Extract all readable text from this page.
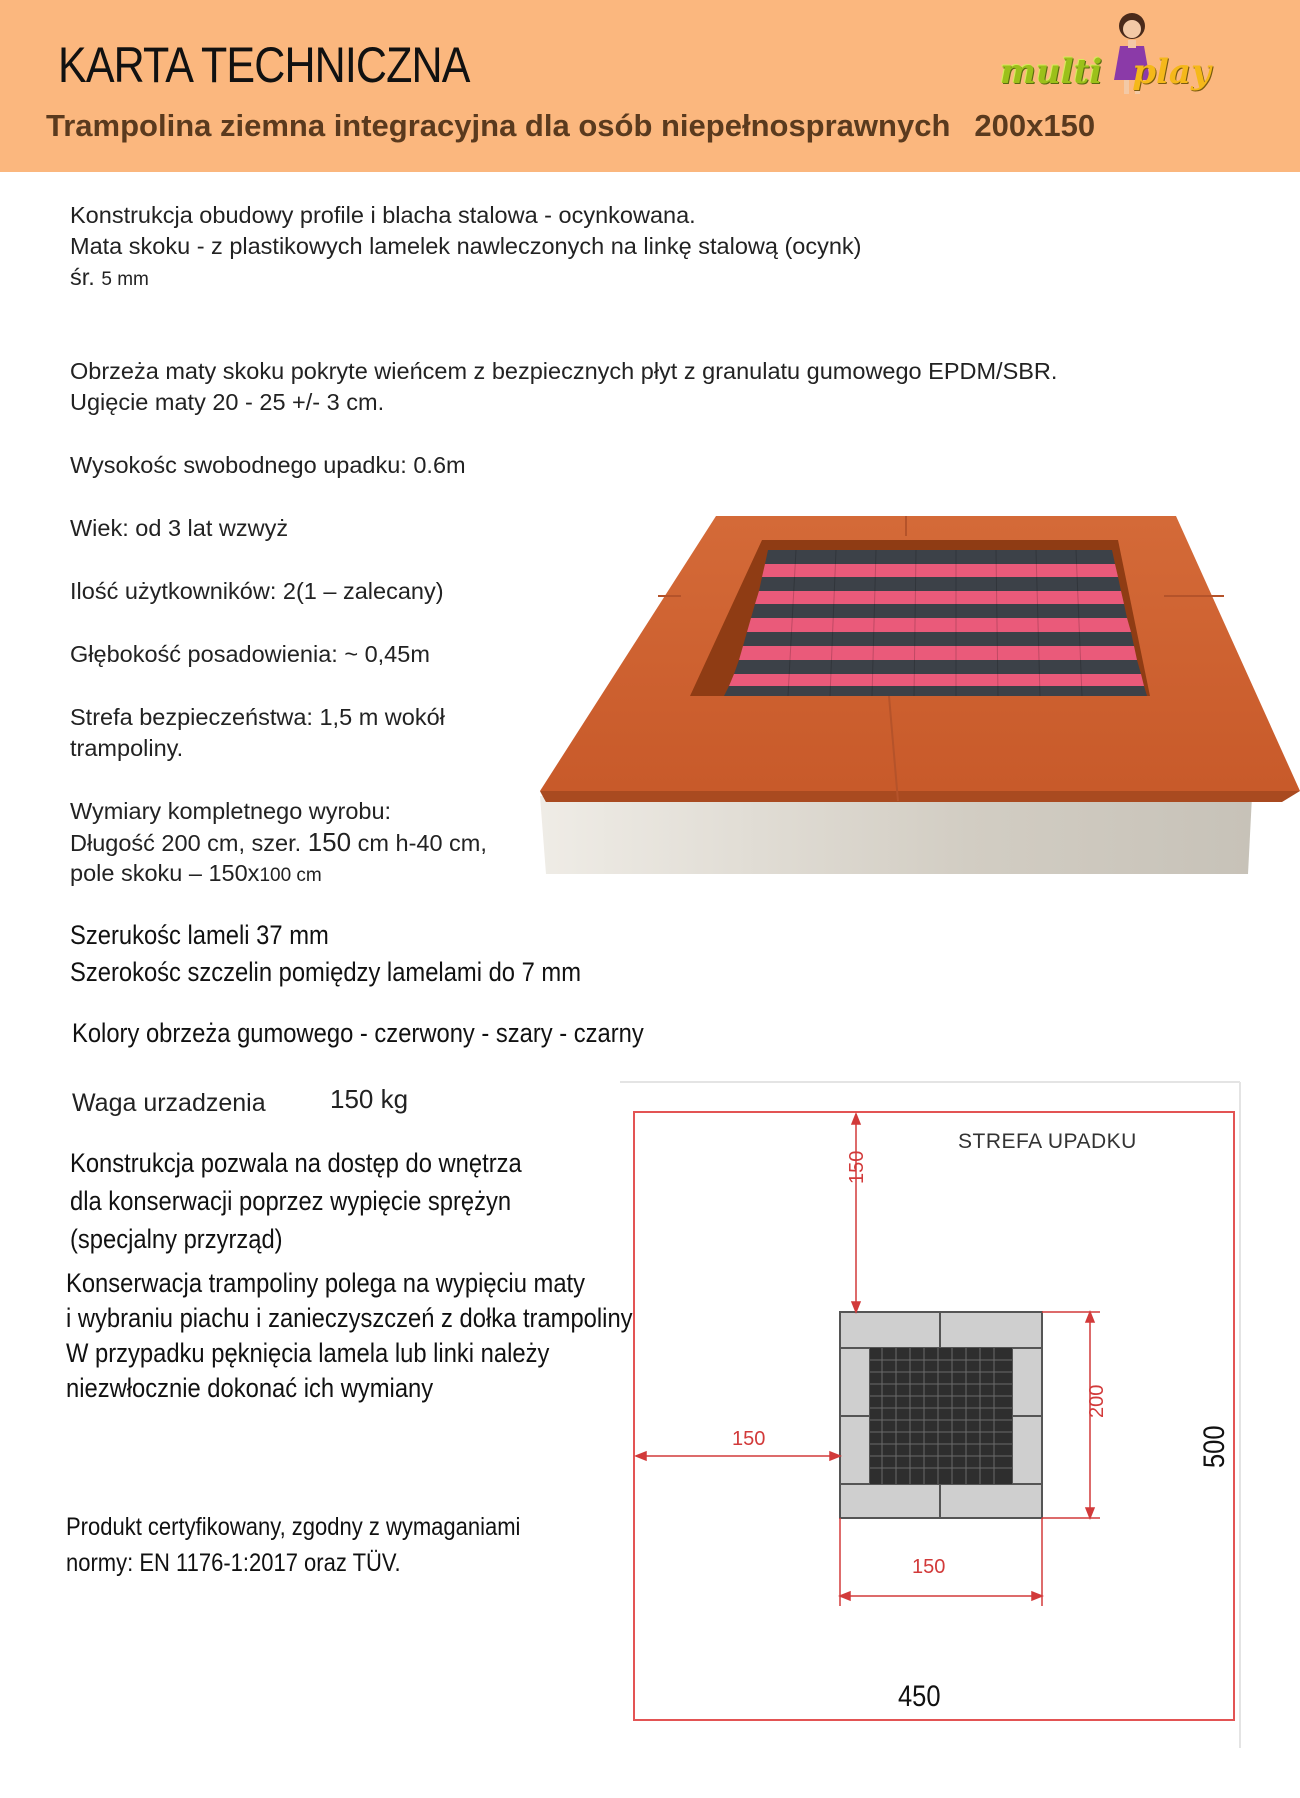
KARTA TECHNICZNA
Trampolina ziemna integracyjna dla osób niepełnosprawnych 200x150
multi play
Konstrukcja obudowy profile i blacha stalowa - ocynkowana.
Mata skoku - z plastikowych lamelek nawleczonych na linkę stalową (ocynk)
śr. 5 mm
Obrzeża maty skoku pokryte wieńcem z bezpiecznych płyt z granulatu gumowego EPDM/SBR.
Ugięcie maty 20 - 25 +/- 3 cm.
Wysokośc swobodnego upadku: 0.6m
Wiek: od 3 lat wzwyż
Ilość użytkowników: 2(1 – zalecany)
Głębokość posadowienia: ~ 0,45m
Strefa bezpieczeństwa: 1,5 m wokół
trampoliny.
Wymiary kompletnego wyrobu:
Długość 200 cm, szer. 150 cm h-40 cm,
pole skoku – 150x100 cm
Szerukośc lameli 37 mm
Szerokośc szczelin pomiędzy lamelami do 7 mm
Kolory obrzeża gumowego - czerwony - szary - czarny
Waga urzadzenia 150 kg
Konstrukcja pozwala na dostęp do wnętrza
dla konserwacji poprzez wypięcie sprężyn
(specjalny przyrząd)
Konserwacja trampoliny polega na wypięciu maty
i wybraniu piachu i zanieczyszczeń z dołka trampoliny
W przypadku pęknięcia lamela lub linki należy
niezwłocznie dokonać ich wymiany
Produkt certyfikowany, zgodny z wymaganiami
normy: EN 1176-1:2017 oraz TÜV.
STREFA UPADKU
150
150
200
150
500
450
